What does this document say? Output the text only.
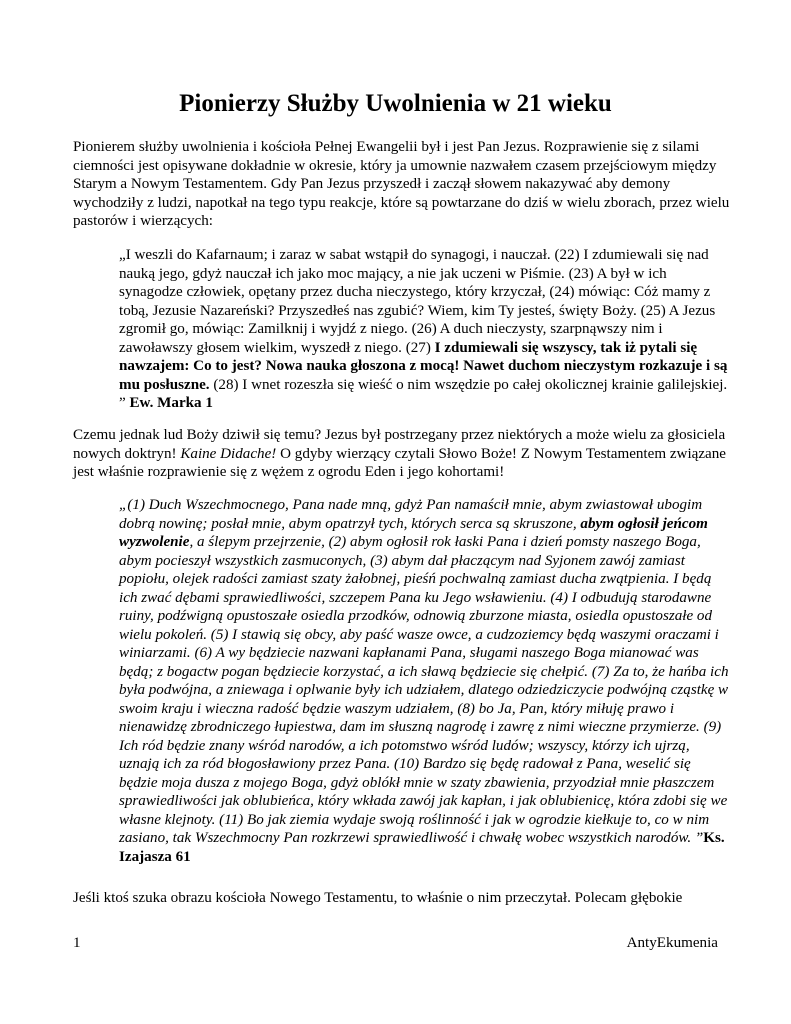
Pionierzy Służby Uwolnienia w 21 wieku

Pionierem służby uwolnienia i kościoła Pełnej Ewangelii był i jest Pan Jezus. Rozprawienie się z silami ciemności jest opisywane dokładnie w okresie, który ja umownie nazwałem czasem przejściowym między Starym a Nowym Testamentem. Gdy Pan Jezus przyszedł i zaczął słowem nakazywać aby demony wychodziły z ludzi, napotkał na tego typu reakcje, które są powtarzane do dziś w wielu zborach, przez wielu pastorów i wierzących:

„I weszli do Kafarnaum; i zaraz w sabat wstąpił do synagogi, i nauczał. (22) I zdumiewali się nad nauką jego, gdyż nauczał ich jako moc mający, a nie jak uczeni w Piśmie. (23) A był w ich synagodze człowiek, opętany przez ducha nieczystego, który krzyczał, (24) mówiąc: Cóż mamy z tobą, Jezusie Nazareński? Przyszedłeś nas zgubić? Wiem, kim Ty jesteś, święty Boży. (25) A Jezus zgromił go, mówiąc: Zamilknij i wyjdź z niego. (26) A duch nieczysty, szarpnąwszy nim i zawoławszy głosem wielkim, wyszedł z niego. (27) I zdumiewali się wszyscy, tak iż pytali się nawzajem: Co to jest? Nowa nauka głoszona z mocą! Nawet duchom nieczystym rozkazuje i są mu posłuszne. (28) I wnet rozeszła się wieść o nim wszędzie po całej okolicznej krainie galilejskiej. ” Ew. Marka 1

Czemu jednak lud Boży dziwił się temu? Jezus był postrzegany przez niektórych a może wielu za głosiciela nowych doktryn! Kaine Didache! O gdyby wierzący czytali Słowo Boże! Z Nowym Testamentem związane jest właśnie rozprawienie się z wężem z ogrodu Eden i jego kohortami!

„(1) Duch Wszechmocnego, Pana nade mną, gdyż Pan namaścił mnie, abym zwiastował ubogim dobrą nowinę; posłał mnie, abym opatrzył tych, których serca są skruszone, abym ogłosił jeńcom wyzwolenie, a ślepym przejrzenie, (2) abym ogłosił rok łaski Pana i dzień pomsty naszego Boga, abym pocieszył wszystkich zasmuconych, (3) abym dał płaczącym nad Syjonem zawój zamiast popiołu, olejek radości zamiast szaty żałobnej, pieśń pochwalną zamiast ducha zwątpienia. I będą ich zwać dębami sprawiedliwości, szczepem Pana ku Jego wsławieniu. (4) I odbudują starodawne ruiny, podźwigną opustoszałe osiedla przodków, odnowią zburzone miasta, osiedla opustoszałe od wielu pokoleń. (5) I stawią się obcy, aby paść wasze owce, a cudzoziemcy będą waszymi oraczami i winiarzami. (6) A wy będziecie nazwani kapłanami Pana, sługami naszego Boga mianować was będą; z bogactw pogan będziecie korzystać, a ich sławą będziecie się chełpić. (7) Za to, że hańba ich była podwójna, a zniewaga i oplwanie były ich udziałem, dlatego odziedziczycie podwójną cząstkę w swoim kraju i wieczna radość będzie waszym udziałem, (8) bo Ja, Pan, który miłuję prawo i nienawidzę zbrodniczego łupiestwa, dam im słuszną nagrodę i zawrę z nimi wieczne przymierze. (9) Ich ród będzie znany wśród narodów, a ich potomstwo wśród ludów; wszyscy, którzy ich ujrzą, uznają ich za ród błogosławiony przez Pana. (10) Bardzo się będę radował z Pana, weselić się będzie moja dusza z mojego Boga, gdyż oblókł mnie w szaty zbawienia, przyodział mnie płaszczem sprawiedliwości jak oblubieńca, który wkłada zawój jak kapłan, i jak oblubienicę, która zdobi się we własne klejnoty. (11) Bo jak ziemia wydaje swoją roślinność i jak w ogrodzie kiełkuje to, co w nim zasiano, tak Wszechmocny Pan rozkrzewi sprawiedliwość i chwałę wobec wszystkich narodów. ”Ks. Izajasza 61

Jeśli ktoś szuka obrazu kościoła Nowego Testamentu, to właśnie o nim przeczytał. Polecam głębokie

1	AntyEkumenia
